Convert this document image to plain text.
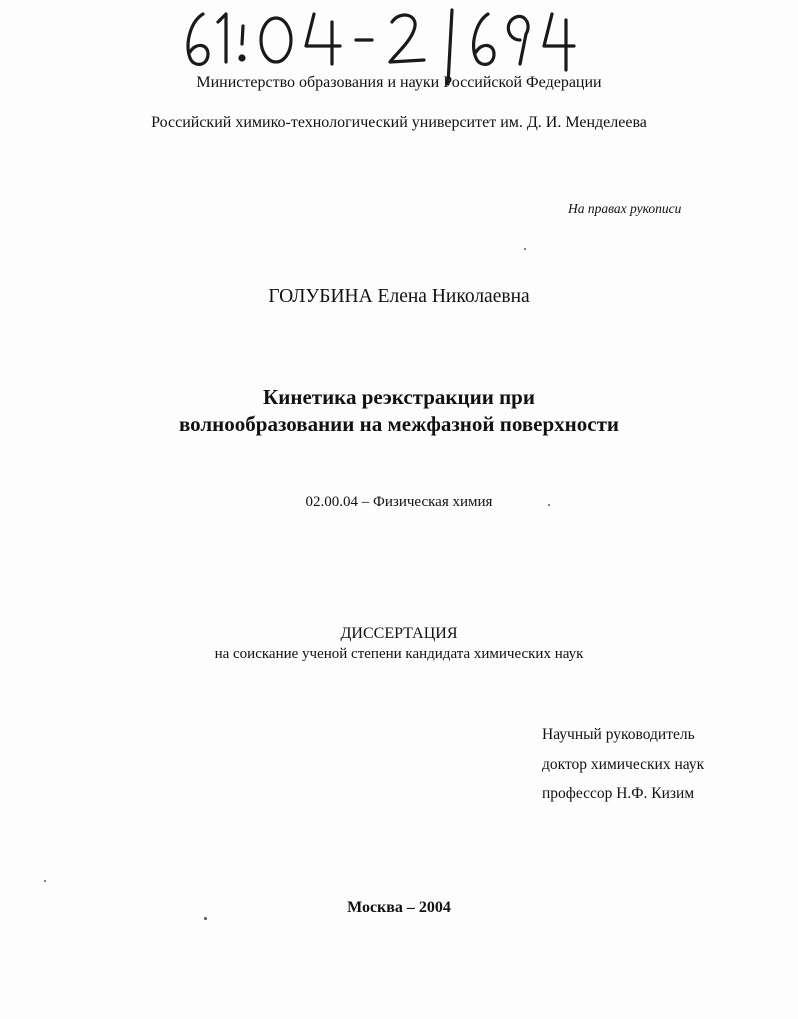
Министерство образования и науки Российской Федерации
Российский химико-технологический университет им. Д. И. Менделеева
На правах рукописи
ГОЛУБИНА Елена Николаевна
Кинетика реэкстракции при
волнообразовании на межфазной поверхности
02.00.04 – Физическая химия
ДИССЕРТАЦИЯ
на соискание ученой степени кандидата химических наук
Научный руководитель
доктор химических наук
профессор Н.Ф. Кизим
Москва – 2004
